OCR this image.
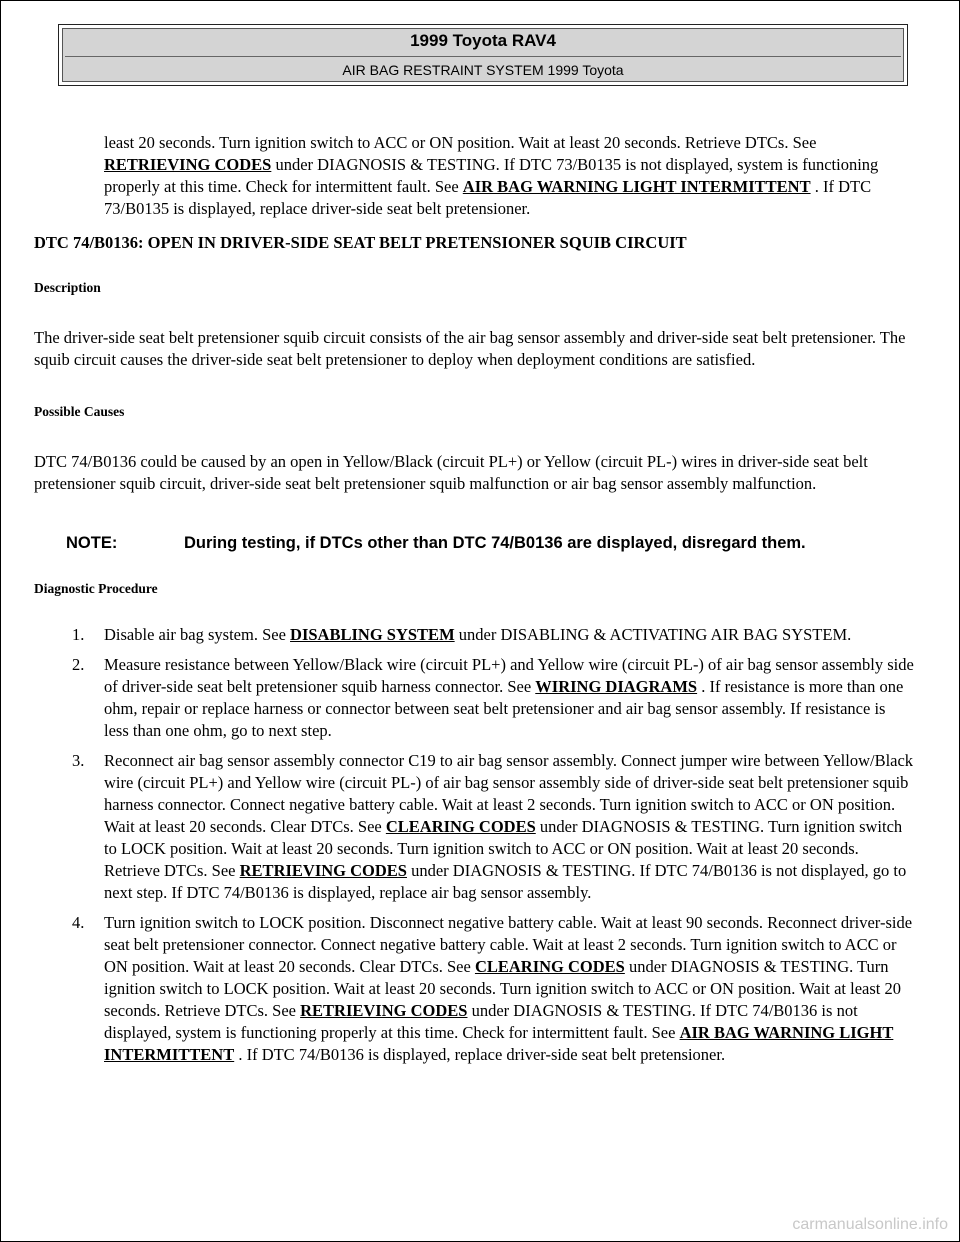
1999 Toyota RAV4
AIR BAG RESTRAINT SYSTEM 1999 Toyota

least 20 seconds. Turn ignition switch to ACC or ON position. Wait at least 20 seconds. Retrieve DTCs. See RETRIEVING CODES under DIAGNOSIS & TESTING. If DTC 73/B0135 is not displayed, system is functioning properly at this time. Check for intermittent fault. See AIR BAG WARNING LIGHT INTERMITTENT . If DTC 73/B0135 is displayed, replace driver-side seat belt pretensioner.

DTC 74/B0136: OPEN IN DRIVER-SIDE SEAT BELT PRETENSIONER SQUIB CIRCUIT
Description

The driver-side seat belt pretensioner squib circuit consists of the air bag sensor assembly and driver-side seat belt pretensioner. The squib circuit causes the driver-side seat belt pretensioner to deploy when deployment conditions are satisfied.

Possible Causes

DTC 74/B0136 could be caused by an open in Yellow/Black (circuit PL+) or Yellow (circuit PL-) wires in driver-side seat belt pretensioner squib circuit, driver-side seat belt pretensioner squib malfunction or air bag sensor assembly malfunction.

NOTE:	During testing, if DTCs other than DTC 74/B0136 are displayed, disregard them.
Diagnostic Procedure
1. Disable air bag system. See DISABLING SYSTEM under DISABLING & ACTIVATING AIR BAG SYSTEM.
2. Measure resistance between Yellow/Black wire (circuit PL+) and Yellow wire (circuit PL-) of air bag sensor assembly side of driver-side seat belt pretensioner squib harness connector. See WIRING DIAGRAMS . If resistance is more than one ohm, repair or replace harness or connector between seat belt pretensioner and air bag sensor assembly. If resistance is less than one ohm, go to next step.
3. Reconnect air bag sensor assembly connector C19 to air bag sensor assembly. Connect jumper wire between Yellow/Black wire (circuit PL+) and Yellow wire (circuit PL-) of air bag sensor assembly side of driver-side seat belt pretensioner squib harness connector. Connect negative battery cable. Wait at least 2 seconds. Turn ignition switch to ACC or ON position. Wait at least 20 seconds. Clear DTCs. See CLEARING CODES under DIAGNOSIS & TESTING. Turn ignition switch to LOCK position. Wait at least 20 seconds. Turn ignition switch to ACC or ON position. Wait at least 20 seconds. Retrieve DTCs. See RETRIEVING CODES under DIAGNOSIS & TESTING. If DTC 74/B0136 is not displayed, go to next step. If DTC 74/B0136 is displayed, replace air bag sensor assembly.
4. Turn ignition switch to LOCK position. Disconnect negative battery cable. Wait at least 90 seconds. Reconnect driver-side seat belt pretensioner connector. Connect negative battery cable. Wait at least 2 seconds. Turn ignition switch to ACC or ON position. Wait at least 20 seconds. Clear DTCs. See CLEARING CODES under DIAGNOSIS & TESTING. Turn ignition switch to LOCK position. Wait at least 20 seconds. Turn ignition switch to ACC or ON position. Wait at least 20 seconds. Retrieve DTCs. See RETRIEVING CODES under DIAGNOSIS & TESTING. If DTC 74/B0136 is not displayed, system is functioning properly at this time. Check for intermittent fault. See AIR BAG WARNING LIGHT INTERMITTENT . If DTC 74/B0136 is displayed, replace driver-side seat belt pretensioner.
carmanualsonline.info
